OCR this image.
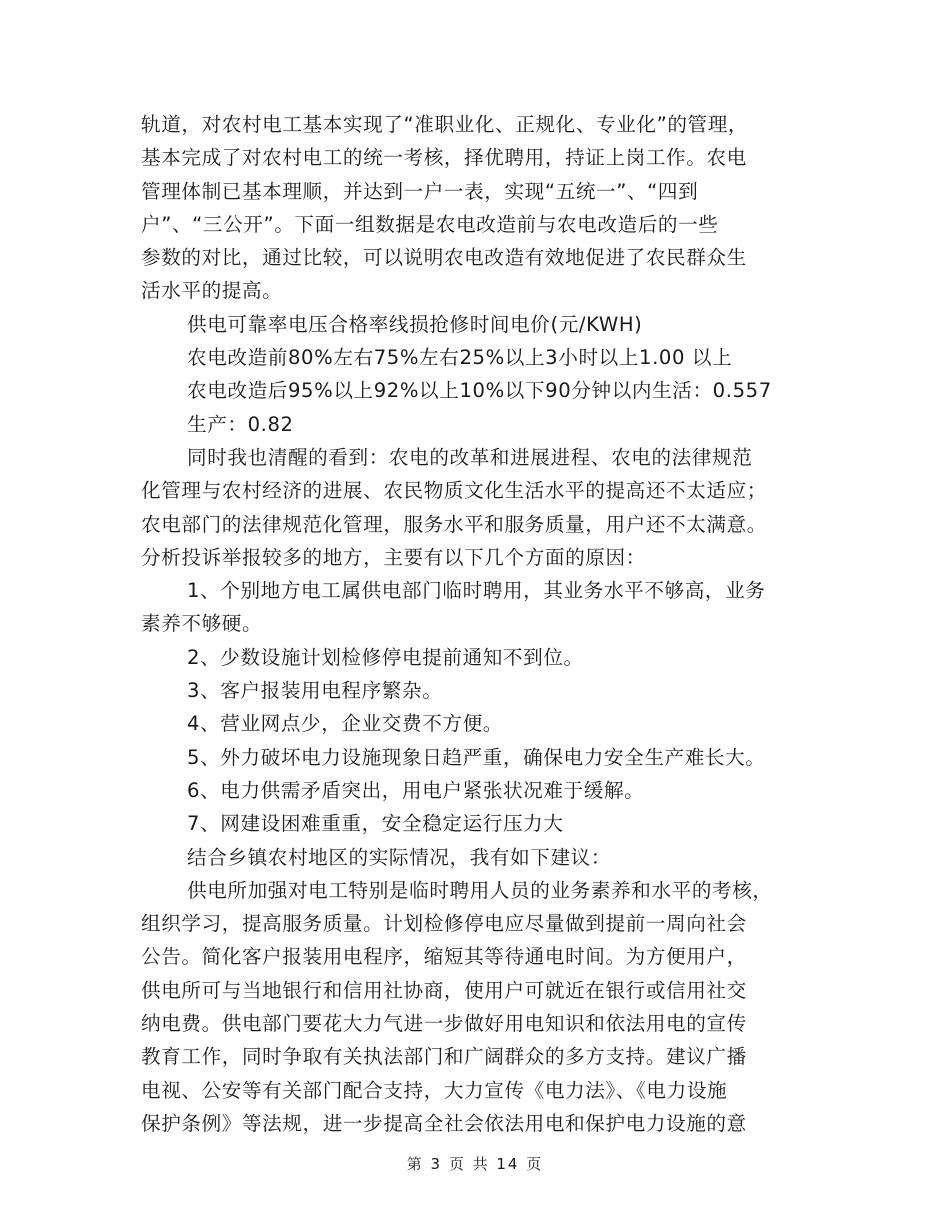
轨道，对农村电工基本实现了“准职业化、正规化、专业化”的管理，
基本完成了对农村电工的统一考核，择优聘用，持证上岗工作。农电
管理体制已基本理顺，并达到一户一表，实现“五统一”、“四到
户”、“三公开”。下面一组数据是农电改造前与农电改造后的一些
参数的对比，通过比较，可以说明农电改造有效地促进了农民群众生
活水平的提高。
供电可靠率电压合格率线损抢修时间电价(元/KWH)
农电改造前80%左右75%左右25%以上3小时以上1.00 以上
农电改造后95%以上92%以上10%以下90分钟以内生活：0.557
生产：0.82
同时我也清醒的看到：农电的改革和进展进程、农电的法律规范
化管理与农村经济的进展、农民物质文化生活水平的提高还不太适应；
农电部门的法律规范化管理，服务水平和服务质量，用户还不太满意。
分析投诉举报较多的地方，主要有以下几个方面的原因：
1、个别地方电工属供电部门临时聘用，其业务水平不够高，业务
素养不够硬。
2、少数设施计划检修停电提前通知不到位。
3、客户报装用电程序繁杂。
4、营业网点少，企业交费不方便。
5、外力破坏电力设施现象日趋严重，确保电力安全生产难长大。
6、电力供需矛盾突出，用电户紧张状况难于缓解。
7、网建设困难重重，安全稳定运行压力大
结合乡镇农村地区的实际情况，我有如下建议：
供电所加强对电工特别是临时聘用人员的业务素养和水平的考核，
组织学习，提高服务质量。计划检修停电应尽量做到提前一周向社会
公告。简化客户报装用电程序，缩短其等待通电时间。为方便用户，
供电所可与当地银行和信用社协商，使用户可就近在银行或信用社交
纳电费。供电部门要花大力气进一步做好用电知识和依法用电的宣传
教育工作，同时争取有关执法部门和广阔群众的多方支持。建议广播
电视、公安等有关部门配合支持，大力宣传《电力法》、《电力设施
保护条例》等法规，进一步提高全社会依法用电和保护电力设施的意
第 3 页 共 14 页
